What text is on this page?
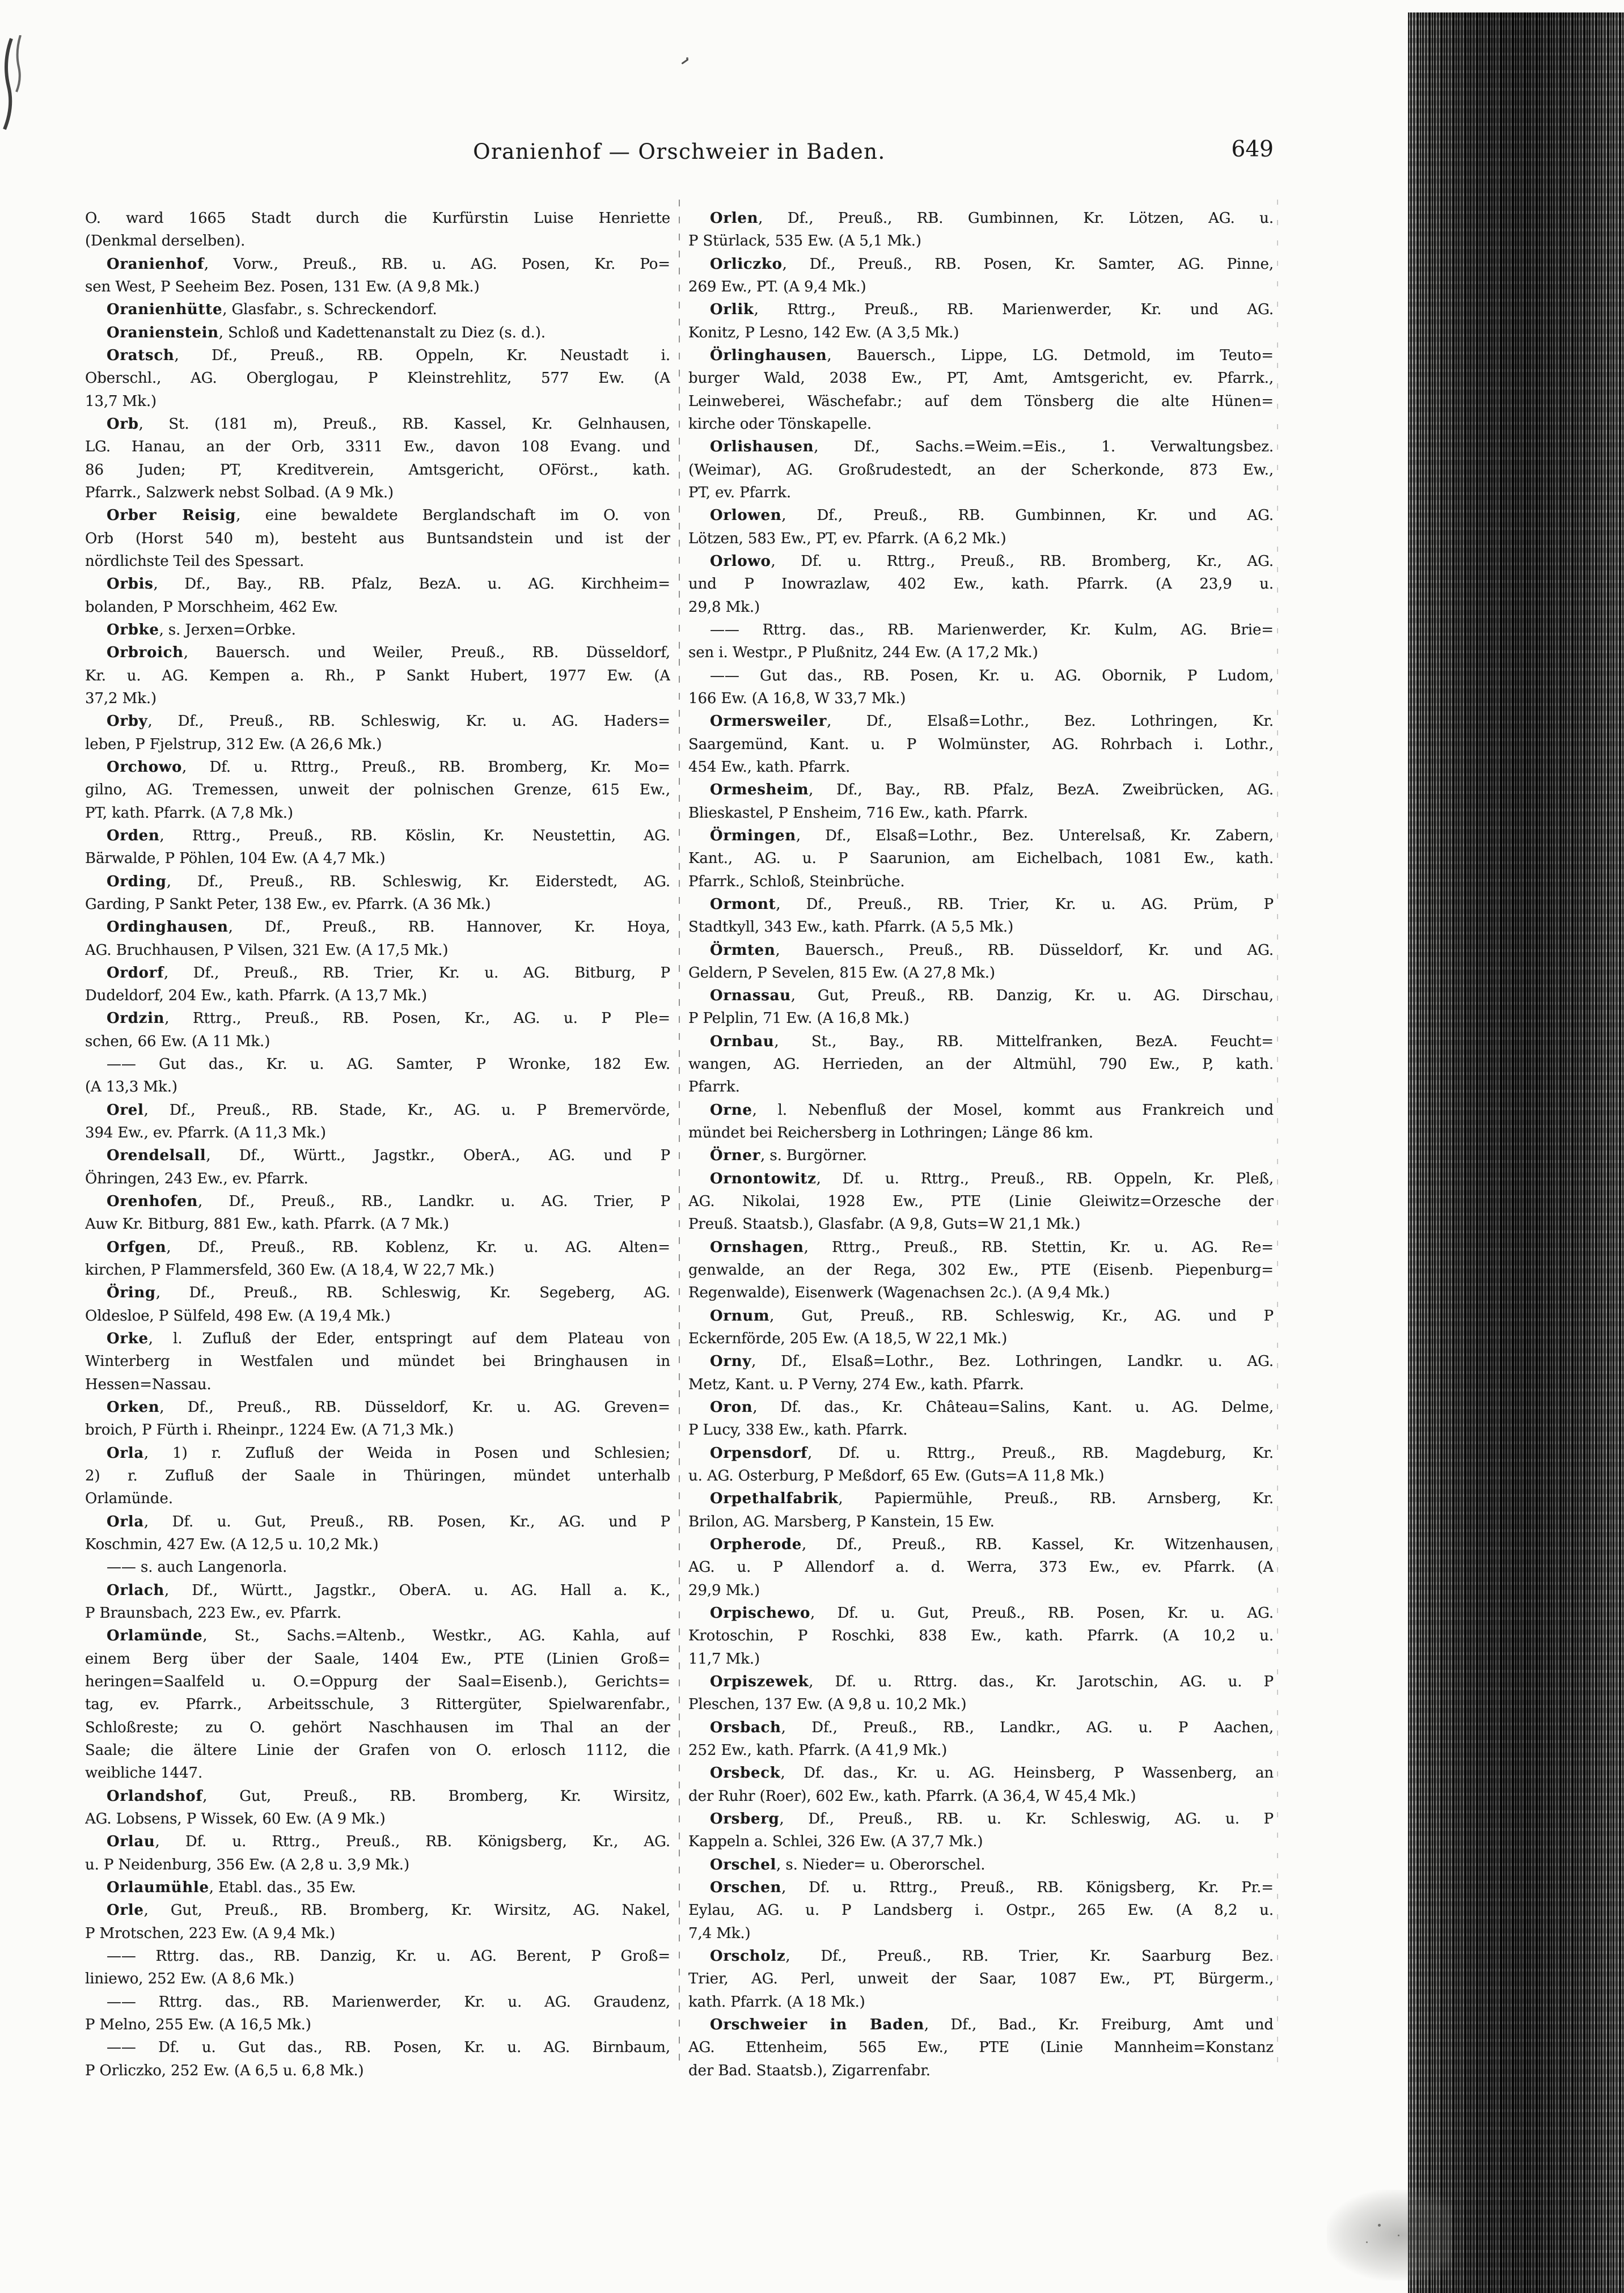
Oranienhof — Orschweier in Baden.	649
O. ward 1665 Stadt durch die Kurfürstin Luise Henriette
(Denkmal derselben).
Oranienhof, Vorw., Preuß., RB. u. AG. Posen, Kr. Po=
sen West, P Seeheim Bez. Posen, 131 Ew. (A 9,8 Mk.)
Oranienhütte, Glasfabr., s. Schreckendorf.
Oranienstein, Schloß und Kadettenanstalt zu Diez (s. d.).
Oratsch, Df., Preuß., RB. Oppeln, Kr. Neustadt i.
Oberschl., AG. Oberglogau, P Kleinstrehlitz, 577 Ew. (A
13,7 Mk.)
Orb, St. (181 m), Preuß., RB. Kassel, Kr. Gelnhausen,
LG. Hanau, an der Orb, 3311 Ew., davon 108 Evang. und
86 Juden; PT, Kreditverein, Amtsgericht, OFörst., kath.
Pfarrk., Salzwerk nebst Solbad. (A 9 Mk.)
Orber Reisig, eine bewaldete Berglandschaft im O. von
Orb (Horst 540 m), besteht aus Buntsandstein und ist der
nördlichste Teil des Spessart.
Orbis, Df., Bay., RB. Pfalz, BezA. u. AG. Kirchheim=
bolanden, P Morschheim, 462 Ew.
Orbke, s. Jerxen=Orbke.
Orbroich, Bauersch. und Weiler, Preuß., RB. Düsseldorf,
Kr. u. AG. Kempen a. Rh., P Sankt Hubert, 1977 Ew. (A
37,2 Mk.)
Orby, Df., Preuß., RB. Schleswig, Kr. u. AG. Haders=
leben, P Fjelstrup, 312 Ew. (A 26,6 Mk.)
Orchowo, Df. u. Rttrg., Preuß., RB. Bromberg, Kr. Mo=
gilno, AG. Tremessen, unweit der polnischen Grenze, 615 Ew.,
PT, kath. Pfarrk. (A 7,8 Mk.)
Orden, Rttrg., Preuß., RB. Köslin, Kr. Neustettin, AG.
Bärwalde, P Pöhlen, 104 Ew. (A 4,7 Mk.)
Ording, Df., Preuß., RB. Schleswig, Kr. Eiderstedt, AG.
Garding, P Sankt Peter, 138 Ew., ev. Pfarrk. (A 36 Mk.)
Ordinghausen, Df., Preuß., RB. Hannover, Kr. Hoya,
AG. Bruchhausen, P Vilsen, 321 Ew. (A 17,5 Mk.)
Ordorf, Df., Preuß., RB. Trier, Kr. u. AG. Bitburg, P
Dudeldorf, 204 Ew., kath. Pfarrk. (A 13,7 Mk.)
Ordzin, Rttrg., Preuß., RB. Posen, Kr., AG. u. P Ple=
schen, 66 Ew. (A 11 Mk.)
—— Gut das., Kr. u. AG. Samter, P Wronke, 182 Ew.
(A 13,3 Mk.)
Orel, Df., Preuß., RB. Stade, Kr., AG. u. P Bremervörde,
394 Ew., ev. Pfarrk. (A 11,3 Mk.)
Orendelsall, Df., Württ., Jagstkr., OberA., AG. und P
Öhringen, 243 Ew., ev. Pfarrk.
Orenhofen, Df., Preuß., RB., Landkr. u. AG. Trier, P
Auw Kr. Bitburg, 881 Ew., kath. Pfarrk. (A 7 Mk.)
Orfgen, Df., Preuß., RB. Koblenz, Kr. u. AG. Alten=
kirchen, P Flammersfeld, 360 Ew. (A 18,4, W 22,7 Mk.)
Öring, Df., Preuß., RB. Schleswig, Kr. Segeberg, AG.
Oldesloe, P Sülfeld, 498 Ew. (A 19,4 Mk.)
Orke, l. Zufluß der Eder, entspringt auf dem Plateau von
Winterberg in Westfalen und mündet bei Bringhausen in
Hessen=Nassau.
Orken, Df., Preuß., RB. Düsseldorf, Kr. u. AG. Greven=
broich, P Fürth i. Rheinpr., 1224 Ew. (A 71,3 Mk.)
Orla, 1) r. Zufluß der Weida in Posen und Schlesien;
2) r. Zufluß der Saale in Thüringen, mündet unterhalb
Orlamünde.
Orla, Df. u. Gut, Preuß., RB. Posen, Kr., AG. und P
Koschmin, 427 Ew. (A 12,5 u. 10,2 Mk.)
—— s. auch Langenorla.
Orlach, Df., Württ., Jagstkr., OberA. u. AG. Hall a. K.,
P Braunsbach, 223 Ew., ev. Pfarrk.
Orlamünde, St., Sachs.=Altenb., Westkr., AG. Kahla, auf
einem Berg über der Saale, 1404 Ew., PTE (Linien Groß=
heringen=Saalfeld u. O.=Oppurg der Saal=Eisenb.), Gerichts=
tag, ev. Pfarrk., Arbeitsschule, 3 Rittergüter, Spielwarenfabr.,
Schloßreste; zu O. gehört Naschhausen im Thal an der
Saale; die ältere Linie der Grafen von O. erlosch 1112, die
weibliche 1447.
Orlandshof, Gut, Preuß., RB. Bromberg, Kr. Wirsitz,
AG. Lobsens, P Wissek, 60 Ew. (A 9 Mk.)
Orlau, Df. u. Rttrg., Preuß., RB. Königsberg, Kr., AG.
u. P Neidenburg, 356 Ew. (A 2,8 u. 3,9 Mk.)
Orlaumühle, Etabl. das., 35 Ew.
Orle, Gut, Preuß., RB. Bromberg, Kr. Wirsitz, AG. Nakel,
P Mrotschen, 223 Ew. (A 9,4 Mk.)
—— Rttrg. das., RB. Danzig, Kr. u. AG. Berent, P Groß=
liniewo, 252 Ew. (A 8,6 Mk.)
—— Rttrg. das., RB. Marienwerder, Kr. u. AG. Graudenz,
P Melno, 255 Ew. (A 16,5 Mk.)
—— Df. u. Gut das., RB. Posen, Kr. u. AG. Birnbaum,
P Orliczko, 252 Ew. (A 6,5 u. 6,8 Mk.)
Orlen, Df., Preuß., RB. Gumbinnen, Kr. Lötzen, AG. u.
P Stürlack, 535 Ew. (A 5,1 Mk.)
Orliczko, Df., Preuß., RB. Posen, Kr. Samter, AG. Pinne,
269 Ew., PT. (A 9,4 Mk.)
Orlik, Rttrg., Preuß., RB. Marienwerder, Kr. und AG.
Konitz, P Lesno, 142 Ew. (A 3,5 Mk.)
Örlinghausen, Bauersch., Lippe, LG. Detmold, im Teuto=
burger Wald, 2038 Ew., PT, Amt, Amtsgericht, ev. Pfarrk.,
Leinweberei, Wäschefabr.; auf dem Tönsberg die alte Hünen=
kirche oder Tönskapelle.
Orlishausen, Df., Sachs.=Weim.=Eis., 1. Verwaltungsbez.
(Weimar), AG. Großrudestedt, an der Scherkonde, 873 Ew.,
PT, ev. Pfarrk.
Orlowen, Df., Preuß., RB. Gumbinnen, Kr. und AG.
Lötzen, 583 Ew., PT, ev. Pfarrk. (A 6,2 Mk.)
Orlowo, Df. u. Rttrg., Preuß., RB. Bromberg, Kr., AG.
und P Inowrazlaw, 402 Ew., kath. Pfarrk. (A 23,9 u.
29,8 Mk.)
—— Rttrg. das., RB. Marienwerder, Kr. Kulm, AG. Brie=
sen i. Westpr., P Plußnitz, 244 Ew. (A 17,2 Mk.)
—— Gut das., RB. Posen, Kr. u. AG. Obornik, P Ludom,
166 Ew. (A 16,8, W 33,7 Mk.)
Ormersweiler, Df., Elsaß=Lothr., Bez. Lothringen, Kr.
Saargemünd, Kant. u. P Wolmünster, AG. Rohrbach i. Lothr.,
454 Ew., kath. Pfarrk.
Ormesheim, Df., Bay., RB. Pfalz, BezA. Zweibrücken, AG.
Blieskastel, P Ensheim, 716 Ew., kath. Pfarrk.
Örmingen, Df., Elsaß=Lothr., Bez. Unterelsaß, Kr. Zabern,
Kant., AG. u. P Saarunion, am Eichelbach, 1081 Ew., kath.
Pfarrk., Schloß, Steinbrüche.
Ormont, Df., Preuß., RB. Trier, Kr. u. AG. Prüm, P
Stadtkyll, 343 Ew., kath. Pfarrk. (A 5,5 Mk.)
Örmten, Bauersch., Preuß., RB. Düsseldorf, Kr. und AG.
Geldern, P Sevelen, 815 Ew. (A 27,8 Mk.)
Ornassau, Gut, Preuß., RB. Danzig, Kr. u. AG. Dirschau,
P Pelplin, 71 Ew. (A 16,8 Mk.)
Ornbau, St., Bay., RB. Mittelfranken, BezA. Feucht=
wangen, AG. Herrieden, an der Altmühl, 790 Ew., P, kath.
Pfarrk.
Orne, l. Nebenfluß der Mosel, kommt aus Frankreich und
mündet bei Reichersberg in Lothringen; Länge 86 km.
Örner, s. Burgörner.
Ornontowitz, Df. u. Rttrg., Preuß., RB. Oppeln, Kr. Pleß,
AG. Nikolai, 1928 Ew., PTE (Linie Gleiwitz=Orzesche der
Preuß. Staatsb.), Glasfabr. (A 9,8, Guts=W 21,1 Mk.)
Ornshagen, Rttrg., Preuß., RB. Stettin, Kr. u. AG. Re=
genwalde, an der Rega, 302 Ew., PTE (Eisenb. Piepenburg=
Regenwalde), Eisenwerk (Wagenachsen 2c.). (A 9,4 Mk.)
Ornum, Gut, Preuß., RB. Schleswig, Kr., AG. und P
Eckernförde, 205 Ew. (A 18,5, W 22,1 Mk.)
Orny, Df., Elsaß=Lothr., Bez. Lothringen, Landkr. u. AG.
Metz, Kant. u. P Verny, 274 Ew., kath. Pfarrk.
Oron, Df. das., Kr. Château=Salins, Kant. u. AG. Delme,
P Lucy, 338 Ew., kath. Pfarrk.
Orpensdorf, Df. u. Rttrg., Preuß., RB. Magdeburg, Kr.
u. AG. Osterburg, P Meßdorf, 65 Ew. (Guts=A 11,8 Mk.)
Orpethalfabrik, Papiermühle, Preuß., RB. Arnsberg, Kr.
Brilon, AG. Marsberg, P Kanstein, 15 Ew.
Orpherode, Df., Preuß., RB. Kassel, Kr. Witzenhausen,
AG. u. P Allendorf a. d. Werra, 373 Ew., ev. Pfarrk. (A
29,9 Mk.)
Orpischewo, Df. u. Gut, Preuß., RB. Posen, Kr. u. AG.
Krotoschin, P Roschki, 838 Ew., kath. Pfarrk. (A 10,2 u.
11,7 Mk.)
Orpiszewek, Df. u. Rttrg. das., Kr. Jarotschin, AG. u. P
Pleschen, 137 Ew. (A 9,8 u. 10,2 Mk.)
Orsbach, Df., Preuß., RB., Landkr., AG. u. P Aachen,
252 Ew., kath. Pfarrk. (A 41,9 Mk.)
Orsbeck, Df. das., Kr. u. AG. Heinsberg, P Wassenberg, an
der Ruhr (Roer), 602 Ew., kath. Pfarrk. (A 36,4, W 45,4 Mk.)
Orsberg, Df., Preuß., RB. u. Kr. Schleswig, AG. u. P
Kappeln a. Schlei, 326 Ew. (A 37,7 Mk.)
Orschel, s. Nieder= u. Oberorschel.
Orschen, Df. u. Rttrg., Preuß., RB. Königsberg, Kr. Pr.=
Eylau, AG. u. P Landsberg i. Ostpr., 265 Ew. (A 8,2 u.
7,4 Mk.)
Orscholz, Df., Preuß., RB. Trier, Kr. Saarburg Bez.
Trier, AG. Perl, unweit der Saar, 1087 Ew., PT, Bürgerm.,
kath. Pfarrk. (A 18 Mk.)
Orschweier in Baden, Df., Bad., Kr. Freiburg, Amt und
AG. Ettenheim, 565 Ew., PTE (Linie Mannheim=Konstanz
der Bad. Staatsb.), Zigarrenfabr.
